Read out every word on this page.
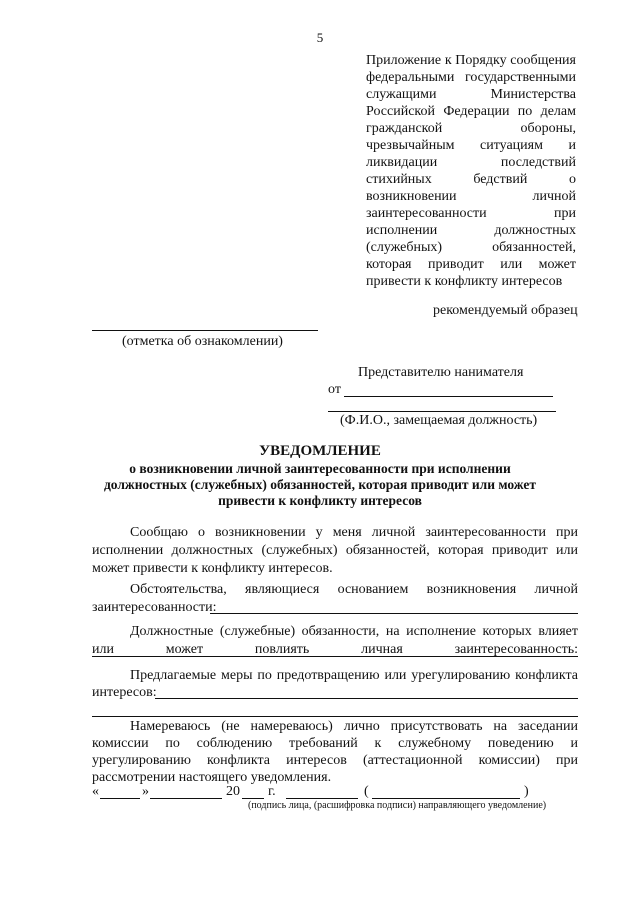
5
Приложение к Порядку сообщения
федеральными государственными
служащими Министерства
Российской Федерации по делам
гражданской обороны,
чрезвычайным ситуациям и
ликвидации последствий
стихийных бедствий о
возникновении личной
заинтересованности при
исполнении должностных
(служебных) обязанностей,
которая приводит или может
привести к конфликту интересов
рекомендуемый образец
(отметка об ознакомлении)
Представителю нанимателя
от
(Ф.И.О., замещаемая должность)
УВЕДОМЛЕНИЕ
о возникновении личной заинтересованности при исполнении
должностных (служебных) обязанностей, которая приводит или может
привести к конфликту интересов
Сообщаю о возникновении у меня личной заинтересованности при
исполнении должностных (служебных) обязанностей, которая приводит или
может привести к конфликту интересов.
Обстоятельства, являющиеся основанием возникновения личной
заинтересованности:
Должностные (служебные) обязанности, на исполнение которых влияет
или может повлиять личная заинтересованность:
Предлагаемые меры по предотвращению или урегулированию конфликта
интересов:
Намереваюсь (не намереваюсь) лично присутствовать на заседании
комиссии по соблюдению требований к служебному поведению и
урегулированию конфликта интересов (аттестационной комиссии) при
рассмотрении настоящего уведомления.
«	»	20 г.	(	)
(подпись лица, (расшифровка подписи) направляющего уведомление)
